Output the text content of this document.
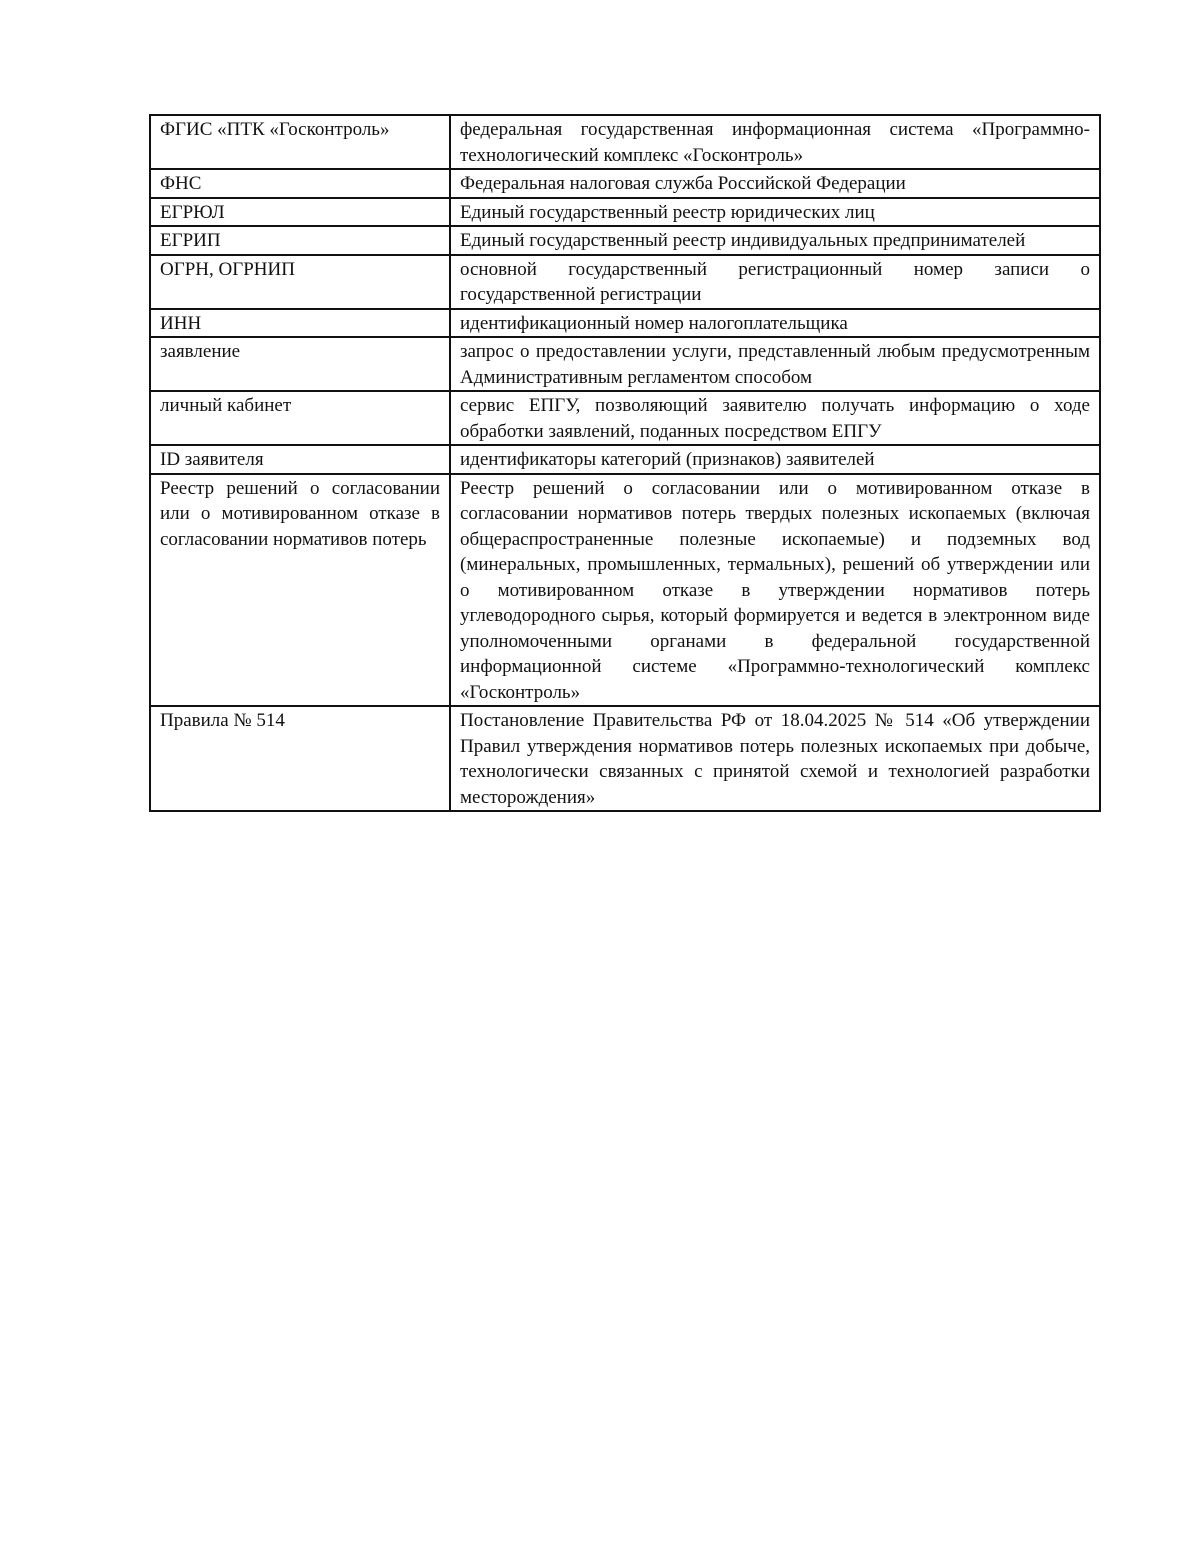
ФГИС «ПТК «Госконтроль»	федеральная государственная информационная система «Программно-технологический комплекс «Госконтроль»
ФНС	Федеральная налоговая служба Российской Федерации
ЕГРЮЛ	Единый государственный реестр юридических лиц
ЕГРИП	Единый государственный реестр индивидуальных предпринимателей
ОГРН, ОГРНИП	основной государственный регистрационный номер записи о государственной регистрации
ИНН	идентификационный номер налогоплательщика
заявление	запрос о предоставлении услуги, представленный любым предусмотренным Административным регламентом способом
личный кабинет	сервис ЕПГУ, позволяющий заявителю получать информацию о ходе обработки заявлений, поданных посредством ЕПГУ
ID заявителя	идентификаторы категорий (признаков) заявителей
Реестр решений о согласовании или о мотивированном отказе в согласовании нормативов потерь	Реестр решений о согласовании или о мотивированном отказе в согласовании нормативов потерь твердых полезных ископаемых (включая общераспространенные полезные ископаемые) и подземных вод (минеральных, промышленных, термальных), решений об утверждении или о мотивированном отказе в утверждении нормативов потерь углеводородного сырья, который формируется и ведется в электронном виде уполномоченными органами в федеральной государственной информационной системе «Программно-технологический комплекс «Госконтроль»
Правила № 514	Постановление Правительства РФ от 18.04.2025 № 514 «Об утверждении Правил утверждения нормативов потерь полезных ископаемых при добыче, технологически связанных с принятой схемой и технологией разработки месторождения»
